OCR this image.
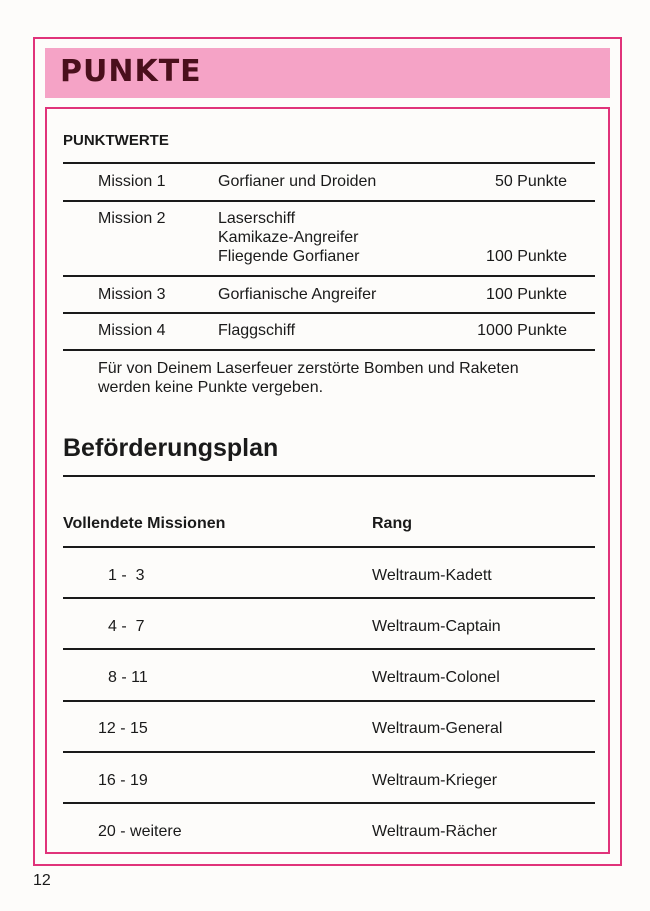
PUNKTE
PUNKTWERTE
Mission 1	Gorfianer und Droiden	50 Punkte
Mission 2	Laserschiff
Kamikaze-Angreifer
Fliegende Gorfianer	100 Punkte
Mission 3	Gorfianische Angreifer	100 Punkte
Mission 4	Flaggschiff	1000 Punkte
Für von Deinem Laserfeuer zerstörte Bomben und Raketen
werden keine Punkte vergeben.
Beförderungsplan
Vollendete Missionen	Rang
1 -  3	Weltraum-Kadett
4 -  7	Weltraum-Captain
8 - 11	Weltraum-Colonel
12 - 15	Weltraum-General
16 - 19	Weltraum-Krieger
20 - weitere	Weltraum-Rächer
12
